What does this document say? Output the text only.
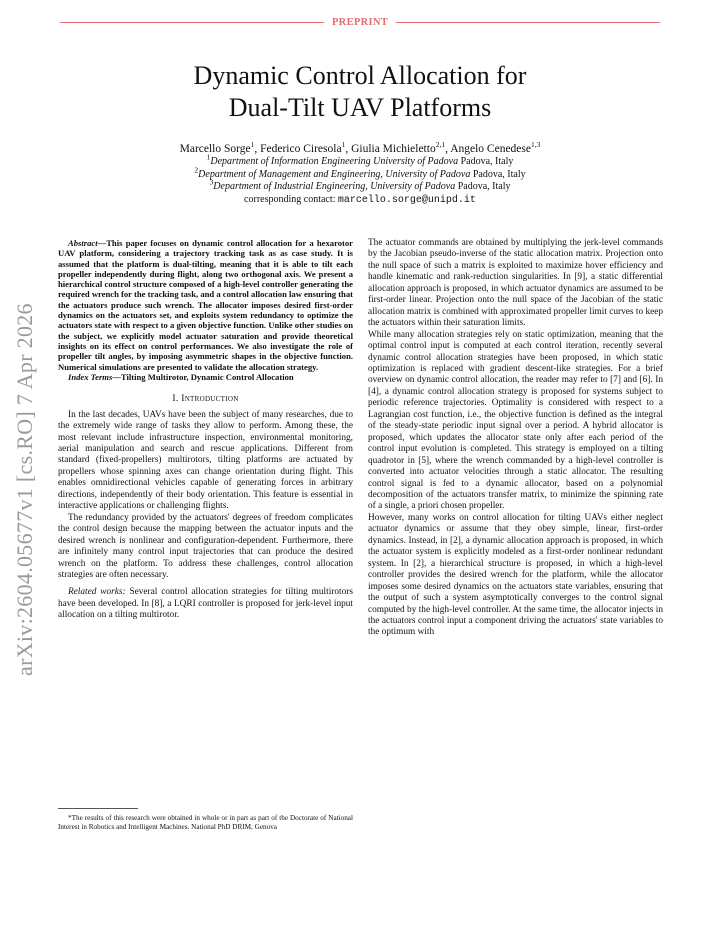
PREPRINT
arXiv:2604.05677v1 [cs.RO] 7 Apr 2026
Dynamic Control Allocation for
Dual-Tilt UAV Platforms
Marcello Sorge$^1$, Federico Ciresola$^1$, Giulia Michieletto$^{2,1}$, Angelo Cenedese$^{1,3}$
$^1$Department of Information Engineering University of Padova Padova, Italy
$^2$Department of Management and Engineering, University of Padova Padova, Italy
$^3$Department of Industrial Engineering, University of Padova Padova, Italy
corresponding contact: marcello.sorge@unipd.it

Abstract—This paper focuses on dynamic control allocation for a hexarotor UAV platform, considering a trajectory tracking task as as case study. It is assumed that the platform is dual-tilting, meaning that it is able to tilt each propeller independently during flight, along two orthogonal axis. We present a hierarchical control structure composed of a high-level controller generating the required wrench for the tracking task, and a control allocation law ensuring that the actuators produce such wrench. The allocator imposes desired first-order dynamics on the actuators set, and exploits system redundancy to optimize the actuators state with respect to a given objective function. Unlike other studies on the subject, we explicitly model actuator saturation and provide theoretical insights on its effect on control performances. We also investigate the role of propeller tilt angles, by imposing asymmetric shapes in the objective function. Numerical simulations are presented to validate the allocation strategy.

Index Terms—Tilting Multirotor, Dynamic Control Allocation

I. Introduction

In the last decades, UAVs have been the subject of many researches, due to the extremely wide range of tasks they allow to perform. Among these, the most relevant include infrastructure inspection, environmental monitoring, aerial manipulation and search and rescue applications. Different from standard (fixed-propellers) multirotors, tilting platforms are actuated by propellers whose spinning axes can change orientation during flight. This enables omnidirectional vehicles capable of generating forces in arbitrary directions, independently of their body orientation. This feature is essential in interactive applications or challenging flights.

The redundancy provided by the actuators' degrees of freedom complicates the control design because the mapping between the actuator inputs and the desired wrench is nonlinear and configuration-dependent. Furthermore, there are infinitely many control input trajectories that can produce the desired wrench on the platform. To address these challenges, control allocation strategies are often necessary.

Related works: Several control allocation strategies for tilting multirotors have been developed. In [8], a LQRI controller is proposed for jerk-level input allocation on a tilting multirotor.

*The results of this research were obtained in whole or in part as part of the Doctorate of National Interest in Robotics and Intelligent Machines. National PhD DRIM, Genova

The actuator commands are obtained by multiplying the jerk-level commands by the Jacobian pseudo-inverse of the static allocation matrix. Projection onto the null space of such a matrix is exploited to maximize hover efficiency and handle kinematic and rank-reduction singularities. In [9], a static differential allocation approach is proposed, in which actuator dynamics are assumed to be first-order linear. Projection onto the null space of the Jacobian of the static allocation matrix is combined with approximated propeller limit curves to keep the actuators within their saturation limits.

While many allocation strategies rely on static optimization, meaning that the optimal control input is computed at each control iteration, recently several dynamic control allocation strategies have been proposed, in which static optimization is replaced with gradient descent-like strategies. For a brief overview on dynamic control allocation, the reader may refer to [7] and [6]. In [4], a dynamic control allocation strategy is proposed for systems subject to periodic reference trajectories. Optimality is considered with respect to a Lagrangian cost function, i.e., the objective function is defined as the integral of the steady-state periodic input signal over a period. A hybrid allocator is proposed, which updates the allocator state only after each period of the control input evolution is completed. This strategy is employed on a tilting quadrotor in [5], where the wrench commanded by a high-level controller is converted into actuator velocities through a static allocator. The resulting control signal is fed to a dynamic allocator, based on a polynomial decomposition of the actuators transfer matrix, to minimize the spinning rate of a single, a priori chosen propeller.

However, many works on control allocation for tilting UAVs either neglect actuator dynamics or assume that they obey simple, linear, first-order dynamics. Instead, in [2], a dynamic allocation approach is proposed, in which the actuator system is explicitly modeled as a first-order nonlinear redundant system. In [2], a hierarchical structure is proposed, in which a high-level controller provides the desired wrench for the platform, while the allocator imposes some desired dynamics on the actuators state variables, ensuring that the output of such a system asymptotically converges to the control signal computed by the high-level controller. At the same time, the allocator injects in the actuators control input a component driving the actuators' state variables to the optimum with
